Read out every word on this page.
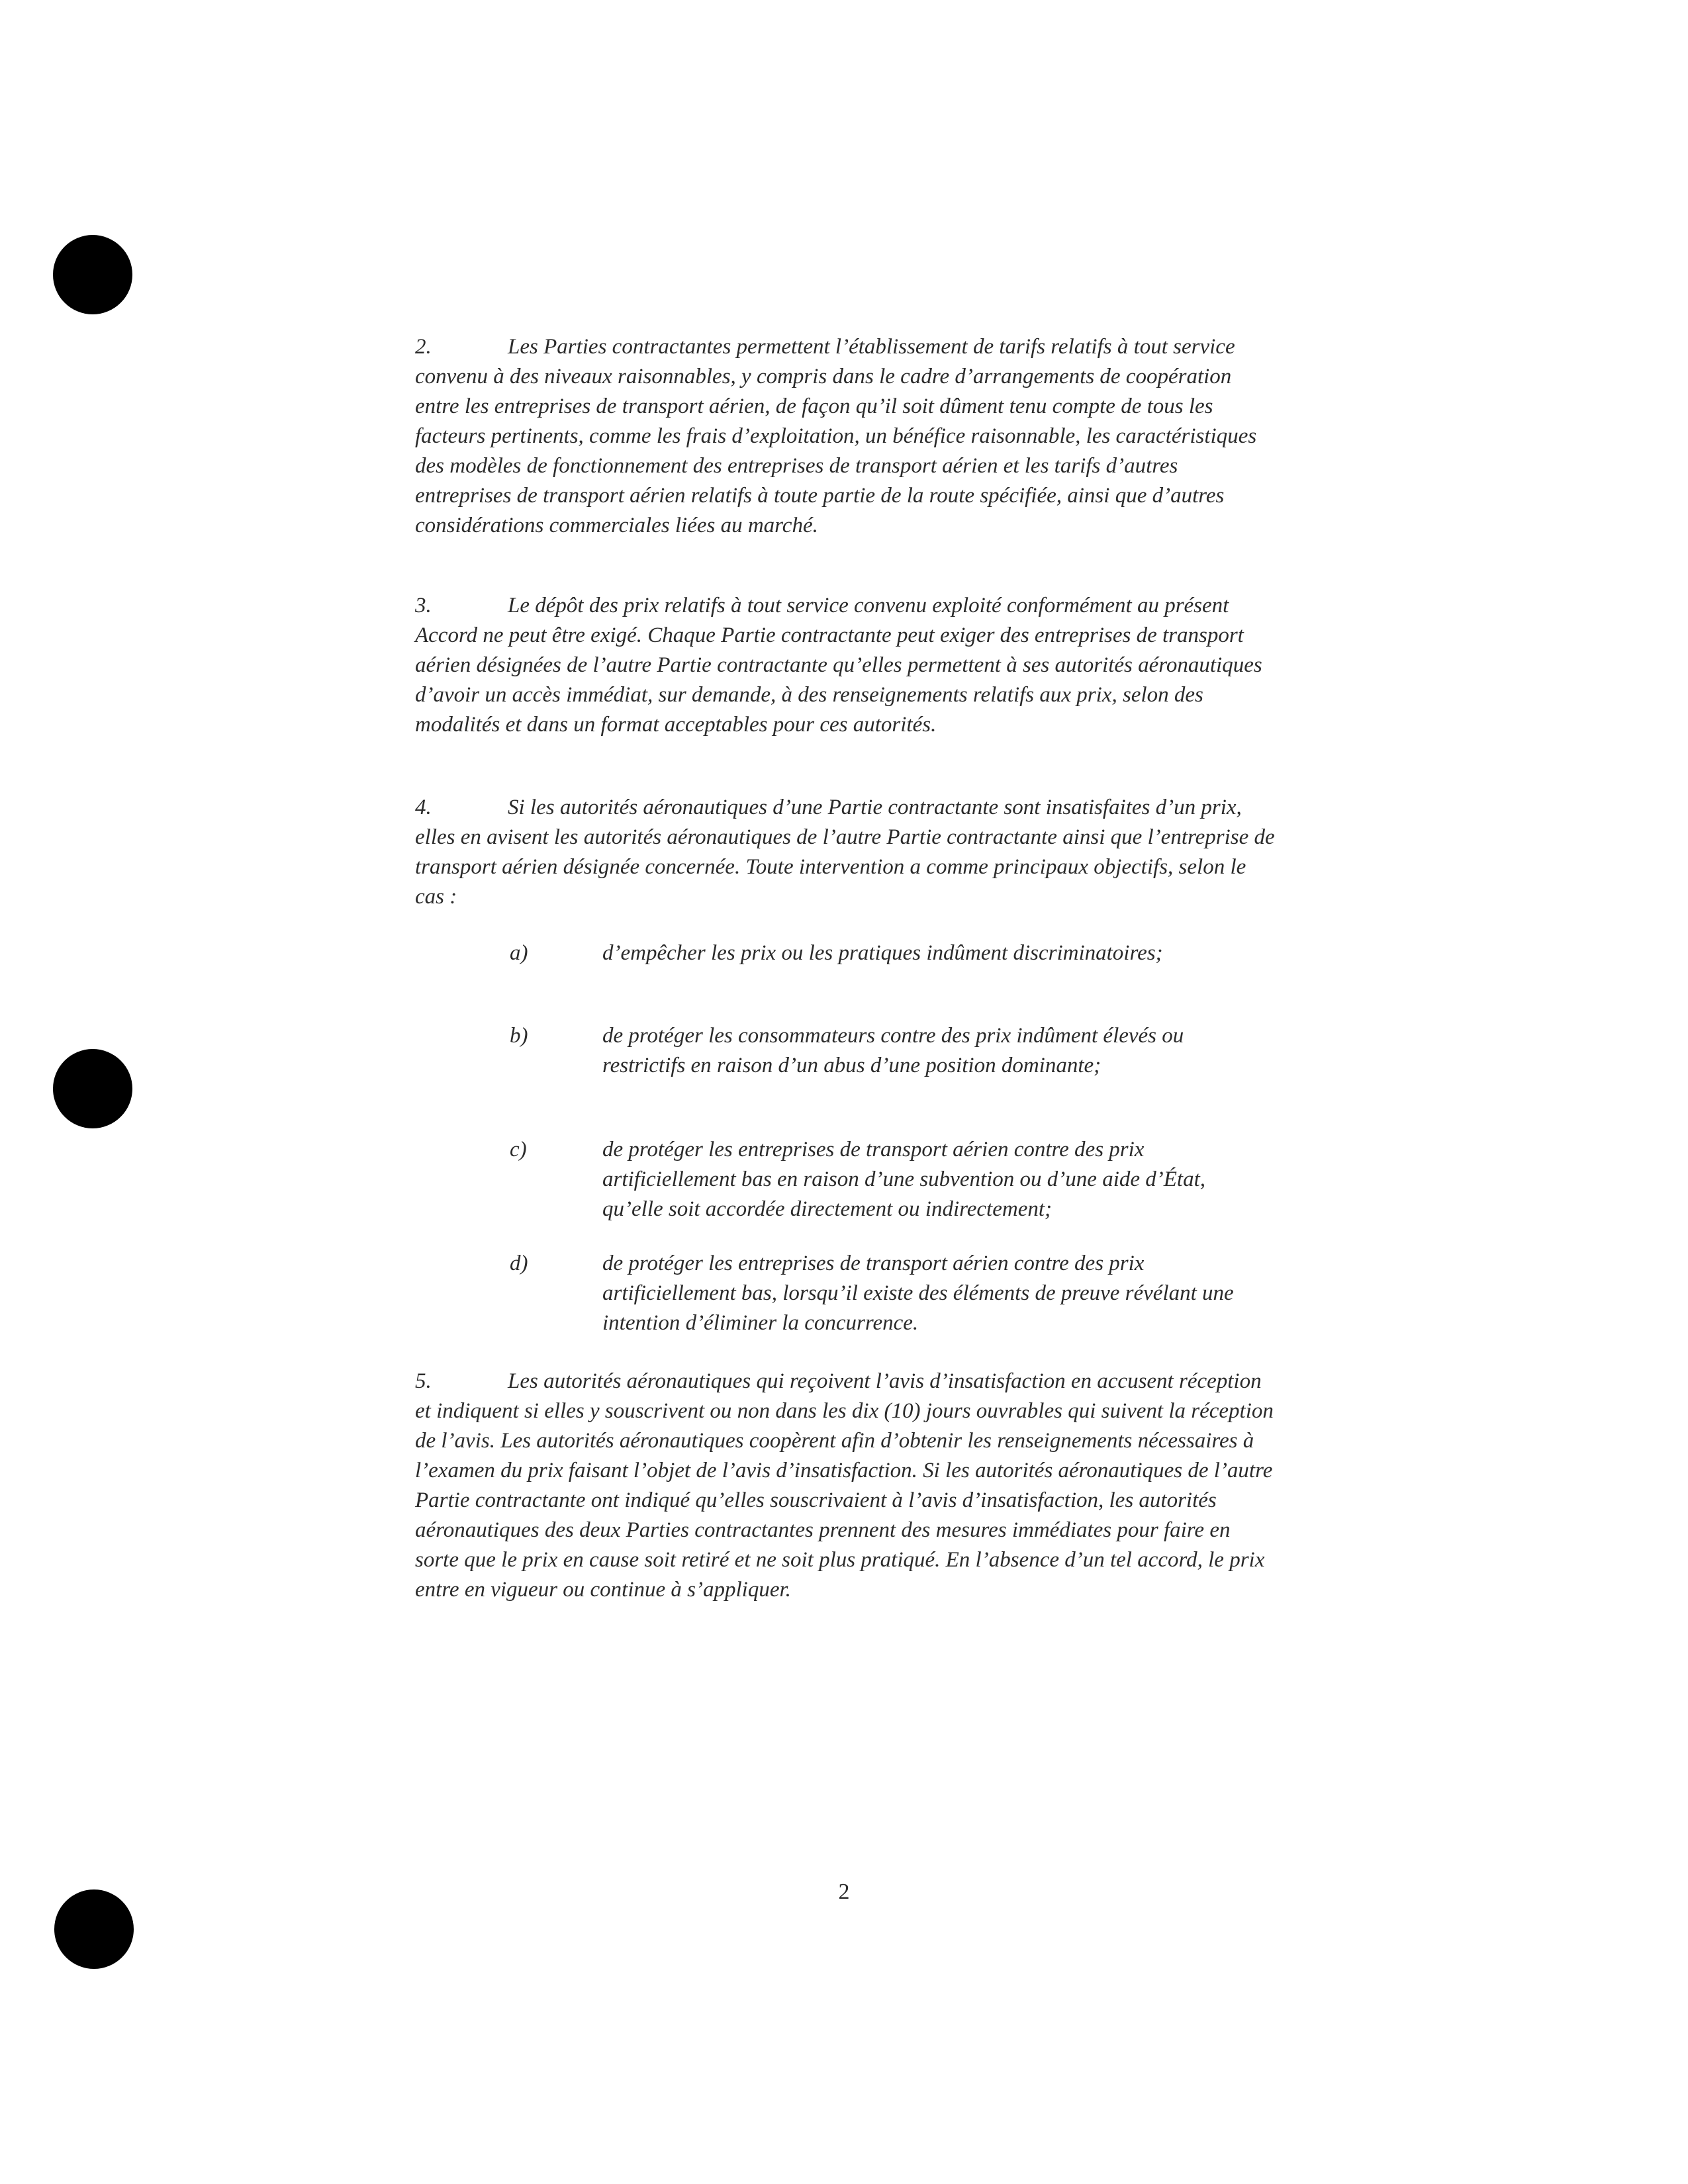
2.	Les Parties contractantes permettent l’établissement de tarifs relatifs à tout service convenu à des niveaux raisonnables, y compris dans le cadre d’arrangements de coopération entre les entreprises de transport aérien, de façon qu’il soit dûment tenu compte de tous les facteurs pertinents, comme les frais d’exploitation, un bénéfice raisonnable, les caractéristiques des modèles de fonctionnement des entreprises de transport aérien et les tarifs d’autres entreprises de transport aérien relatifs à toute partie de la route spécifiée, ainsi que d’autres considérations commerciales liées au marché.

3.	Le dépôt des prix relatifs à tout service convenu exploité conformément au présent Accord ne peut être exigé. Chaque Partie contractante peut exiger des entreprises de transport aérien désignées de l’autre Partie contractante qu’elles permettent à ses autorités aéronautiques d’avoir un accès immédiat, sur demande, à des renseignements relatifs aux prix, selon des modalités et dans un format acceptables pour ces autorités.

4.	Si les autorités aéronautiques d’une Partie contractante sont insatisfaites d’un prix, elles en avisent les autorités aéronautiques de l’autre Partie contractante ainsi que l’entreprise de transport aérien désignée concernée. Toute intervention a comme principaux objectifs, selon le cas :

a)	d’empêcher les prix ou les pratiques indûment discriminatoires;
b)	de protéger les consommateurs contre des prix indûment élevés ou restrictifs en raison d’un abus d’une position dominante;
c)	de protéger les entreprises de transport aérien contre des prix artificiellement bas en raison d’une subvention ou d’une aide d’État, qu’elle soit accordée directement ou indirectement;
d)	de protéger les entreprises de transport aérien contre des prix artificiellement bas, lorsqu’il existe des éléments de preuve révélant une intention d’éliminer la concurrence.

5.	Les autorités aéronautiques qui reçoivent l’avis d’insatisfaction en accusent réception et indiquent si elles y souscrivent ou non dans les dix (10) jours ouvrables qui suivent la réception de l’avis. Les autorités aéronautiques coopèrent afin d’obtenir les renseignements nécessaires à l’examen du prix faisant l’objet de l’avis d’insatisfaction. Si les autorités aéronautiques de l’autre Partie contractante ont indiqué qu’elles souscrivaient à l’avis d’insatisfaction, les autorités aéronautiques des deux Parties contractantes prennent des mesures immédiates pour faire en sorte que le prix en cause soit retiré et ne soit plus pratiqué. En l’absence d’un tel accord, le prix entre en vigueur ou continue à s’appliquer.

2
